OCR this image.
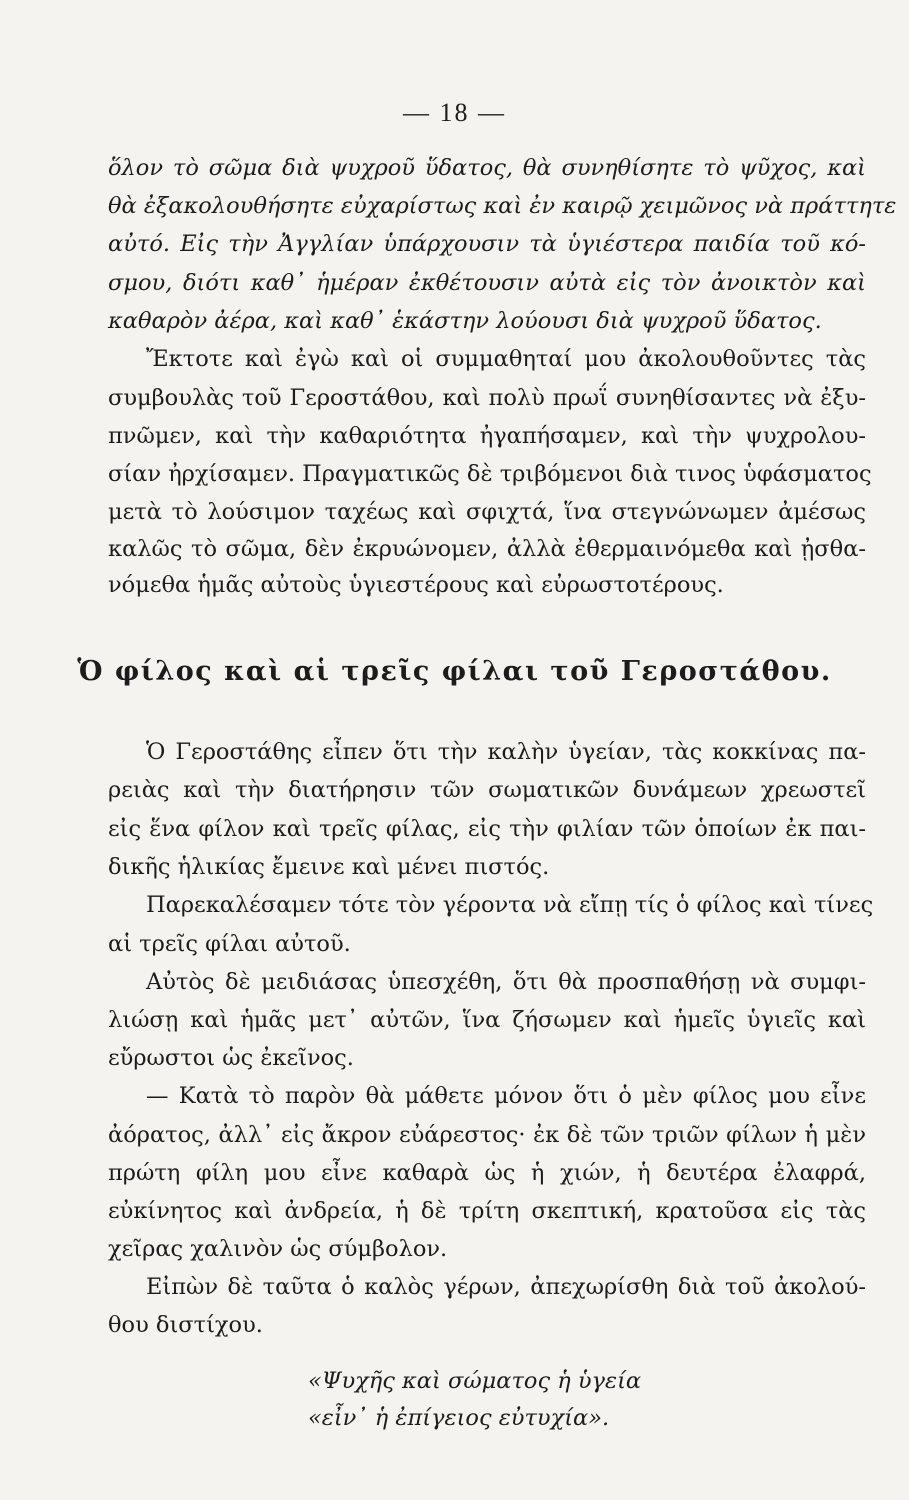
— 18 —
ὅλον τὸ σῶμα διὰ ψυχροῦ ὕδατος, θὰ συνηθίσητε τὸ ψῦχος, καὶ
θὰ ἐξακολουθήσητε εὐχαρίστως καὶ ἐν καιρῷ χειμῶνος νὰ πράττητε
αὐτό. Εἰς τὴν Ἀγγλίαν ὑπάρχουσιν τὰ ὑγιέστερα παιδία τοῦ κό-
σμου, διότι καθ᾽ ἡμέραν ἐκθέτουσιν αὐτὰ εἰς τὸν ἀνοικτὸν καὶ
καθαρὸν ἀέρα, καὶ καθ᾽ ἑκάστην λούουσι διὰ ψυχροῦ ὕδατος.
Ἔκτοτε καὶ ἐγὼ καὶ οἱ συμμαθηταί μου ἀκολουθοῦντες τὰς
συμβουλὰς τοῦ Γεροστάθου, καὶ πολὺ πρωΐ συνηθίσαντες νὰ ἐξυ-
πνῶμεν, καὶ τὴν καθαριότητα ἠγαπήσαμεν, καὶ τὴν ψυχρολου-
σίαν ἠρχίσαμεν. Πραγματικῶς δὲ τριβόμενοι διὰ τινος ὑφάσματος
μετὰ τὸ λούσιμον ταχέως καὶ σφιχτά, ἵνα στεγνώνωμεν ἀμέσως
καλῶς τὸ σῶμα, δὲν ἐκρυώνομεν, ἀλλὰ ἐθερμαινόμεθα καὶ ᾐσθα-
νόμεθα ἡμᾶς αὐτοὺς ὑγιεστέρους καὶ εὐρωστοτέρους.
Ὁ φίλος καὶ αἱ τρεῖς φίλαι τοῦ Γεροστάθου.
Ὁ Γεροστάθης εἶπεν ὅτι τὴν καλὴν ὑγείαν, τὰς κοκκίνας πα-
ρειὰς καὶ τὴν διατήρησιν τῶν σωματικῶν δυνάμεων χρεωστεῖ
εἰς ἕνα φίλον καὶ τρεῖς φίλας, εἰς τὴν φιλίαν τῶν ὁποίων ἐκ παι-
δικῆς ἡλικίας ἔμεινε καὶ μένει πιστός.
Παρεκαλέσαμεν τότε τὸν γέροντα νὰ εἴπῃ τίς ὁ φίλος καὶ τίνες
αἱ τρεῖς φίλαι αὐτοῦ.
Αὐτὸς δὲ μειδιάσας ὑπεσχέθη, ὅτι θὰ προσπαθήσῃ νὰ συμφι-
λιώσῃ καὶ ἡμᾶς μετ᾽ αὐτῶν, ἵνα ζήσωμεν καὶ ἡμεῖς ὑγιεῖς καὶ
εὔρωστοι ὡς ἐκεῖνος.
— Κατὰ τὸ παρὸν θὰ μάθετε μόνον ὅτι ὁ μὲν φίλος μου εἶνε
ἀόρατος, ἀλλ᾽ εἰς ἄκρον εὐάρεστος· ἐκ δὲ τῶν τριῶν φίλων ἡ μὲν
πρώτη φίλη μου εἶνε καθαρὰ ὡς ἡ χιών, ἡ δευτέρα ἐλαφρά,
εὐκίνητος καὶ ἀνδρεία, ἡ δὲ τρίτη σκεπτική, κρατοῦσα εἰς τὰς
χεῖρας χαλινὸν ὡς σύμβολον.
Εἰπὼν δὲ ταῦτα ὁ καλὸς γέρων, ἀπεχωρίσθη διὰ τοῦ ἀκολού-
θου διστίχου.
«Ψυχῆς καὶ σώματος ἡ ὑγεία
«εἶν᾽ ἡ ἐπίγειος εὐτυχία».
